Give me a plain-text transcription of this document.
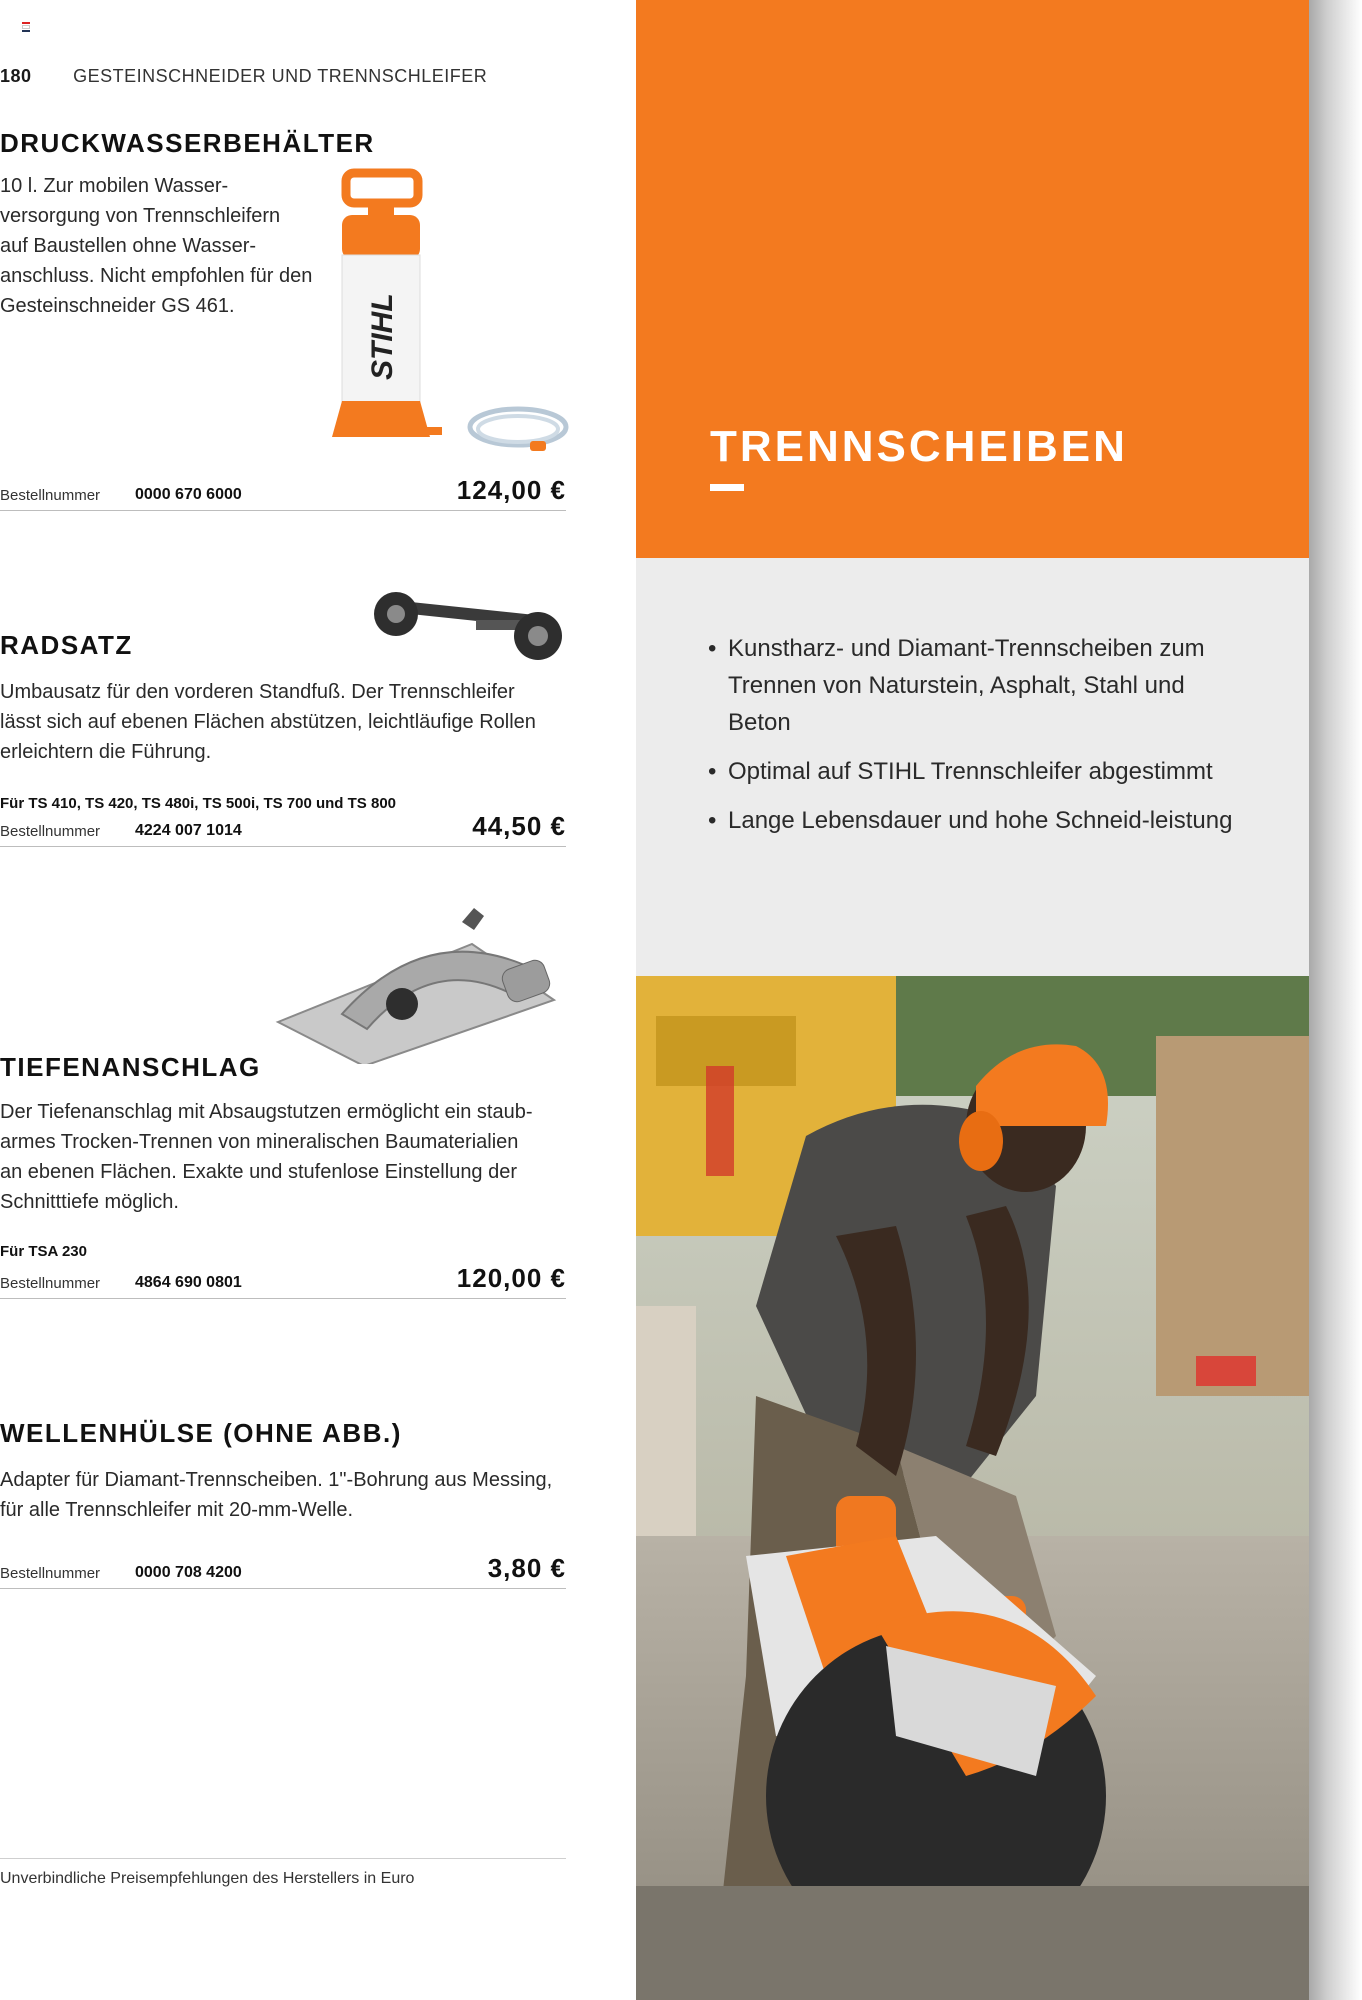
180 GESTEINSCHNEIDER UND TRENNSCHLEIFER
DRUCKWASSERBEHÄLTER
10 l. Zur mobilen Wasser-
versorgung von Trennschleifern
auf Baustellen ohne Wasser-
anschluss. Nicht empfohlen für den
Gesteinschneider GS 461.	STIHL
Bestellnummer 0000 670 6000	124,00 €
RADSATZ
Umbausatz für den vorderen Standfuß. Der Trennschleifer
lässt sich auf ebenen Flächen abstützen, leichtläufige Rollen
erleichtern die Führung.
Für TS 410, TS 420, TS 480i, TS 500i, TS 700 und TS 800
Bestellnummer 4224 007 1014	44,50 €
TIEFENANSCHLAG
Der Tiefenanschlag mit Absaugstutzen ermöglicht ein staub-
armes Trocken-Trennen von mineralischen Baumaterialien
an ebenen Flächen. Exakte und stufenlose Einstellung der
Schnitttiefe möglich.
Für TSA 230
Bestellnummer 4864 690 0801	120,00 €
WELLENHÜLSE (OHNE ABB.)
Adapter für Diamant-Trennscheiben. 1"-Bohrung aus Messing,
für alle Trennschleifer mit 20-mm-Welle.
Bestellnummer 0000 708 4200	3,80 €
Unverbindliche Preisempfehlungen des Herstellers in Euro
TRENNSCHEIBEN
• Kunstharz- und Diamant-Trennscheiben zum Trennen von Naturstein, Asphalt, Stahl und Beton
• Optimal auf STIHL Trennschleifer abgestimmt
• Lange Lebensdauer und hohe Schneid-leistung
